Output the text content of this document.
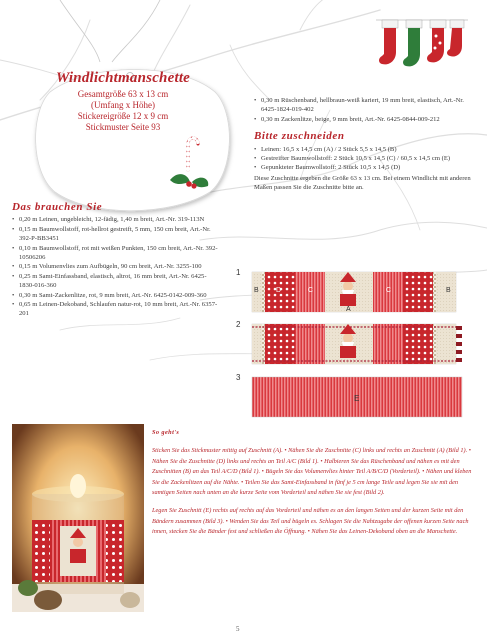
Windlichtmanschette

Gesamtgröße 63 x 13 cm

(Umfang x Höhe)

Stickereigröße 12 x 9 cm

Stickmuster Seite 93

• 0,30 m Rüschenband, hellbraun-weiß kariert, 19 mm breit, elastisch, Art.-Nr. 6425-1824-019-402
• 0,30 m Zackenlitze, beige, 9 mm breit, Art.-Nr. 6425-0844-009-212

Bitte zuschneiden

• Leinen: 16,5 x 14,5 cm (A) / 2 Stück 5,5 x 14,5 (B)
• Gestreifter Baumwollstoff: 2 Stück 10,5 x 14,5 (C) / 60,5 x 14,5 cm (E)
• Gepunkteter Baumwollstoff: 2 Stück 10,5 x 14,5 (D)

Diese Zuschnitte ergeben die Größe 63 x 13 cm. Bei einem Windlicht mit anderen Maßen passen Sie die Zuschnitte bitte an.

Das brauchen Sie

• 0,20 m Leinen, ungebleicht, 12-fädig, 1,40 m breit, Art.-Nr. 319-113N
• 0,15 m Baumwollstoff, rot-hellrot gestreift, 5 mm, 150 cm breit, Art.-Nr. 392-P-BB3451
• 0,10 m Baumwollstoff, rot mit weißen Punkten, 150 cm breit, Art.-Nr. 392-10506206
• 0,15 m Volumenvlies zum Aufbügeln, 90 cm breit, Art.-Nr. 3255-100
• 0,25 m Samt-Einfassband, elastisch, altrot, 16 mm breit, Art.-Nr. 6425-1830-016-360
• 0,30 m Samt-Zackenlitze, rot, 9 mm breit, Art.-Nr. 6425-0142-009-360
• 0,65 m Leinen-Dekoband, Schlaufen natur-rot, 10 mm breit, Art.-Nr. 6357-201
1
2
3
B	C
A
C	B
D
E

So geht's

Sticken Sie das Stickmuster mittig auf Zuschnitt (A). • Nähen Sie die Zuschnitte (C) links und rechts an Zuschnitt (A) (Bild 1). • Nähen Sie die Zuschnitte (D) links und rechts an Teil A/C (Bild 1). • Halbieren Sie das Rüschenband und nähen es mit den Zuschnitten (B) an das Teil A/C/D (Bild 1). • Bügeln Sie das Volumenvlies hinter Teil A/B/C/D (Vorderteil). • Nähen und kleben Sie die Zackenlitzen auf die Nähte. • Teilen Sie das Samt-Einfassband in fünf je 5 cm lange Teile und legen Sie sie mit den samtigen Seiten nach unten an die kurze Seite vom Vorderteil und nähen Sie sie fest (Bild 2).

Legen Sie Zuschnitt (E) rechts auf rechts auf das Vorderteil und nähen es an den langen Seiten und der kurzen Seite mit den Bändern zusammen (Bild 3). • Wenden Sie das Teil und bügeln es. Schlagen Sie die Nahtzugabe der offenen kurzen Seite nach innen, stecken Sie die Bänder fest und schließen die Öffnung. • Nähen Sie das Leinen-Dekoband oben an die Manschette.

5
